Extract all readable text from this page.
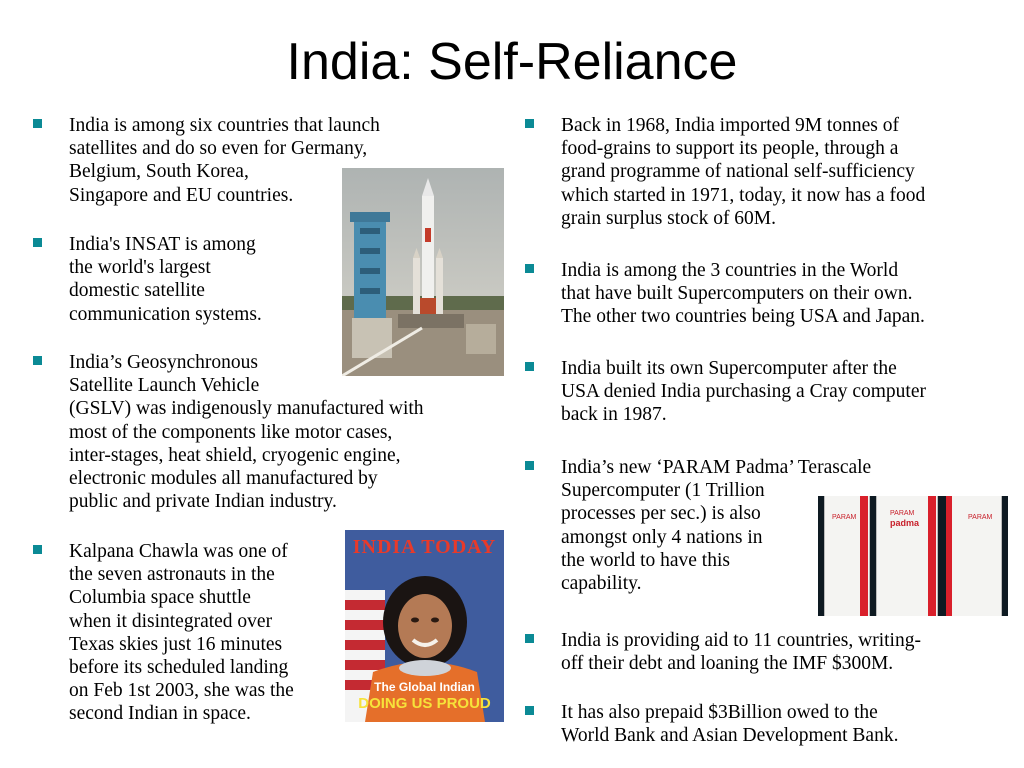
India: Self-Reliance
India is among six countries that launch
satellites and do so even for Germany,
Belgium, South Korea,
Singapore and EU countries.
India's INSAT is among
the world's largest
domestic satellite
communication systems.
India’s Geosynchronous
Satellite Launch Vehicle
(GSLV) was indigenously manufactured with
most of the components like motor cases,
inter-stages, heat shield, cryogenic engine,
electronic modules all manufactured by
public and private Indian industry.
Kalpana Chawla was one of
the seven astronauts in the
Columbia space shuttle
when it disintegrated over
Texas skies just 16 minutes
before its scheduled landing
on Feb 1st 2003, she was the
second Indian in space.
Back in 1968, India imported 9M tonnes of
food-grains to support its people, through a
grand programme of national self-sufficiency
which started in 1971, today, it now has a food
grain surplus stock of 60M.
India is among the 3 countries in the World
that have built Supercomputers on their own.
The other two countries being USA and Japan.
India built its own Supercomputer after the
USA denied India purchasing a Cray computer
back in 1987.
India’s new ‘PARAM Padma’ Terascale
Supercomputer (1 Trillion
processes per sec.) is also
amongst only 4 nations in
the world to have this
capability.
India is providing aid to 11 countries, writing-
off their debt and loaning the IMF $300M.
It has also prepaid $3Billion owed to the
World Bank and Asian Development Bank.
INDIA TODAY
The Global Indian
DOING US PROUD
PARAM
padma
PARAM	PARAM
